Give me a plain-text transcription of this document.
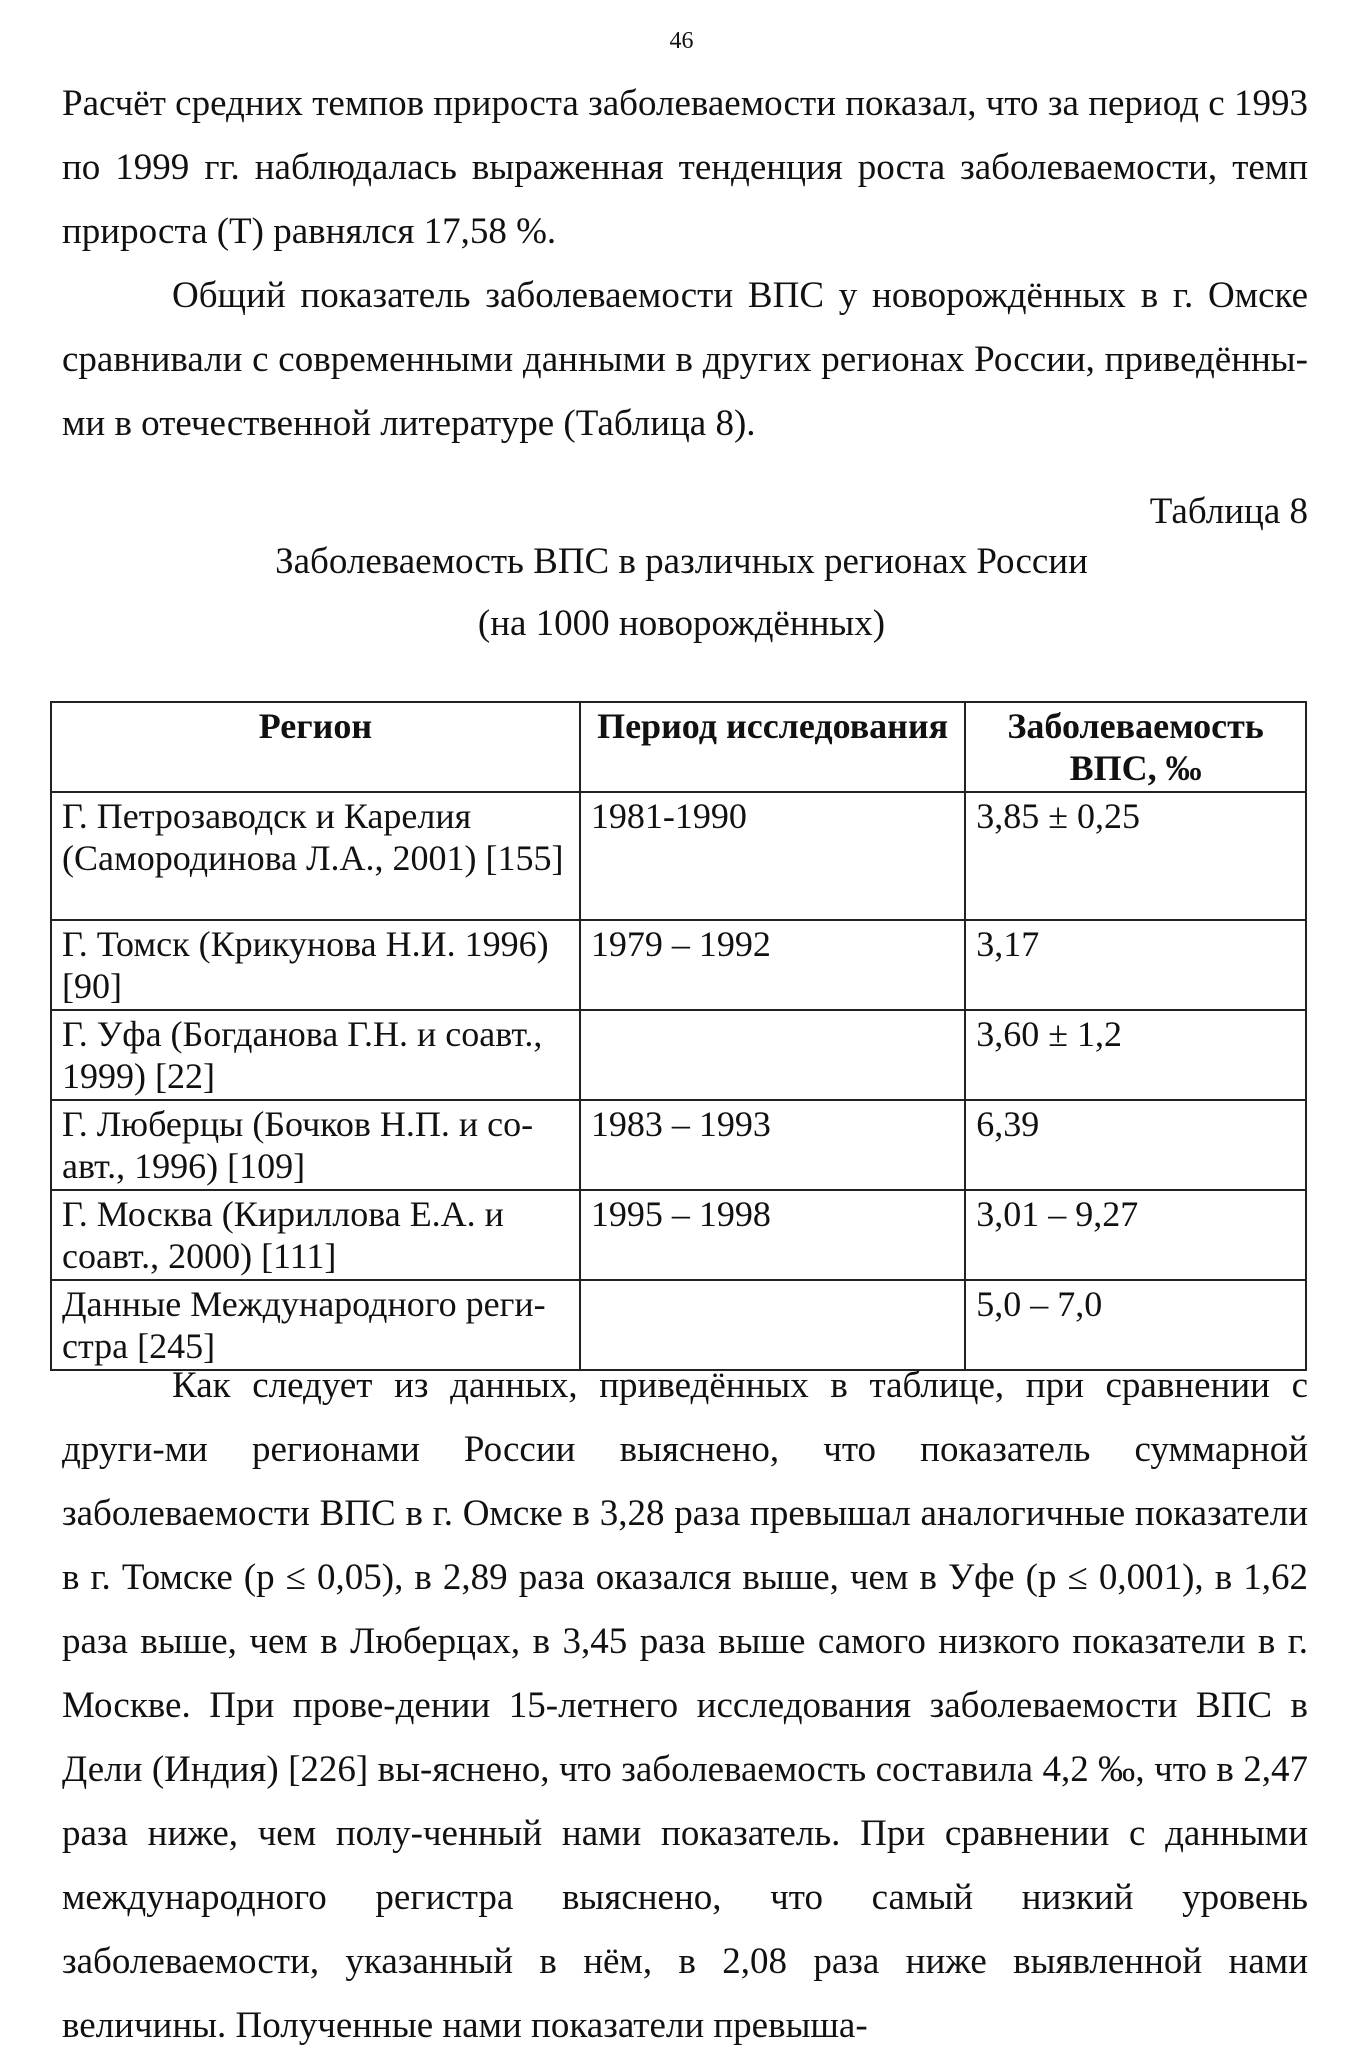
46

Расчёт средних темпов прироста заболеваемости показал, что за период с 1993 по 1999 гг. наблюдалась выраженная тенденция роста заболеваемости, темп прироста (Т) равнялся 17,58 %.

Общий показатель заболеваемости ВПС у новорождённых в г. Омске сравнивали с современными данными в других регионах России, приведённы-ми в отечественной литературе (Таблица 8).

Таблица 8
Заболеваемость ВПС в различных регионах России
(на 1000 новорождённых)
Регион	Период исследования	Заболеваемость ВПС, ‰
Г. Петрозаводск и Карелия (Самородинова Л.А., 2001) [155]	1981-1990	3,85 ± 0,25
Г. Томск (Крикунова Н.И. 1996) [90]	1979 – 1992	3,17
Г. Уфа (Богданова Г.Н. и соавт., 1999) [22]		3,60 ± 1,2
Г. Люберцы (Бочков Н.П. и со-авт., 1996) [109]	1983 – 1993	6,39
Г. Москва (Кириллова Е.А. и соавт., 2000) [111]	1995 – 1998	3,01 – 9,27
Данные Международного реги-стра [245]		5,0 – 7,0

Как следует из данных, приведённых в таблице, при сравнении с други-ми регионами России выяснено, что показатель суммарной заболеваемости ВПС в г. Омске в 3,28 раза превышал аналогичные показатели в г. Томске (р ≤ 0,05), в 2,89 раза оказался выше, чем в Уфе (р ≤ 0,001), в 1,62 раза выше, чем в Люберцах, в 3,45 раза выше самого низкого показатели в г. Москве. При прове-дении 15-летнего исследования заболеваемости ВПС в Дели (Индия) [226] вы-яснено, что заболеваемость составила 4,2 ‰, что в 2,47 раза ниже, чем полу-ченный нами показатель. При сравнении с данными международного регистра выяснено, что самый низкий уровень заболеваемости, указанный в нём, в 2,08 раза ниже выявленной нами величины. Полученные нами показатели превыша-
